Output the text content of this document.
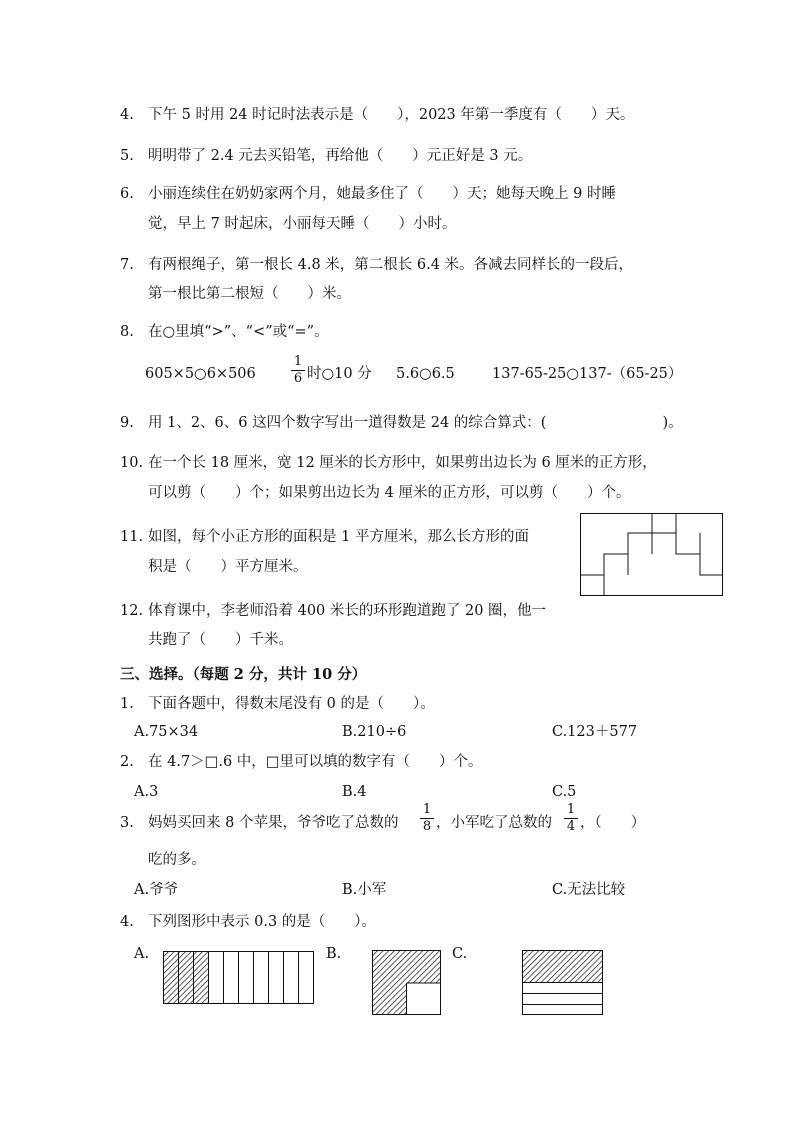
4. 下午 5 时用 24 时记时法表示是（　　），2023 年第一季度有（　　）天。
5. 明明带了 2.4 元去买铅笔，再给他（　　）元正好是 3 元。
6. 小丽连续住在奶奶家两个月，她最多住了（　　）天；她每天晚上 9 时睡
觉，早上 7 时起床，小丽每天睡（　　）小时。
7. 有两根绳子，第一根长 4.8 米，第二根长 6.4 米。各减去同样长的一段后，
第一根比第二根短（　　）米。
8. 在○里填“>”、“<”或“=”。
605×5○6×506
1
6 时○10 分 5.6○6.5	137-65-25○137-（65-25）
9. 用 1、2、6、6 这四个数字写出一道得数是 24 的综合算式：(　　　　　　　　)。
10. 在一个长 18 厘米，宽 12 厘米的长方形中，如果剪出边长为 6 厘米的正方形，
可以剪（　　）个；如果剪出边长为 4 厘米的正方形，可以剪（　　）个。
11. 如图，每个小正方形的面积是 1 平方厘米，那么长方形的面
积是（　　）平方厘米。
12. 体育课中，李老师沿着 400 米长的环形跑道跑了 20 圈，他一
共跑了（　　）千米。
三、选择。（每题 2 分，共计 10 分）
1. 下面各题中，得数末尾没有 0 的是（　　）。
A.75×34	B.210÷6	C.123＋577
2. 在 4.7＞□.6 中，□里可以填的数字有（　　）个。
A.3	B.4	C.5
3. 妈妈买回来 8 个苹果，爷爷吃了总数的
1
8 ，小军吃了总数的
1
4 ，（　　）
吃的多。
A.爷爷	B.小军	C.无法比较
4. 下列图形中表示 0.3 的是（　　）。
A.	B.	C.
